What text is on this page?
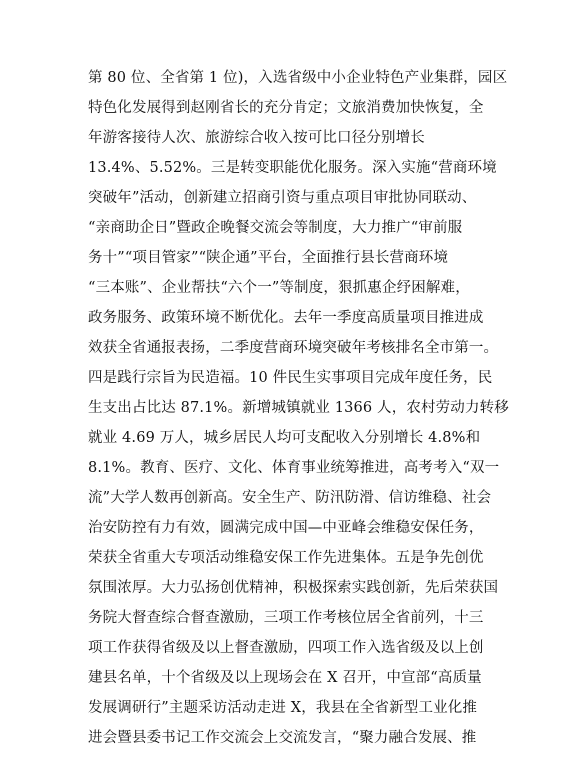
第 80 位、全省第 1 位)，入选省级中小企业特色产业集群，园区
特色化发展得到赵刚省长的充分肯定；文旅消费加快恢复，全
年游客接待人次、旅游综合收入按可比口径分别增长
13.4%、5.52%。三是转变职能优化服务。深入实施“营商环境
突破年”活动，创新建立招商引资与重点项目审批协同联动、
“亲商助企日”暨政企晚餐交流会等制度，大力推广“审前服
务十”“项目管家”“陕企通”平台，全面推行县长营商环境
“三本账”、企业帮扶“六个一”等制度，狠抓惠企纾困解难，
政务服务、政策环境不断优化。去年一季度高质量项目推进成
效获全省通报表扬，二季度营商环境突破年考核排名全市第一。
四是践行宗旨为民造福。10 件民生实事项目完成年度任务，民
生支出占比达 87.1%。新增城镇就业 1366 人，农村劳动力转移
就业 4.69 万人，城乡居民人均可支配收入分别增长 4.8%和
8.1%。教育、医疗、文化、体育事业统筹推进，高考考入“双一
流”大学人数再创新高。安全生产、防汛防滑、信访维稳、社会
治安防控有力有效，圆满完成中国—中亚峰会维稳安保任务，
荣获全省重大专项活动维稳安保工作先进集体。五是争先创优
氛围浓厚。大力弘扬创优精神，积极探索实践创新，先后荣获国
务院大督查综合督查激励，三项工作考核位居全省前列，十三
项工作获得省级及以上督查激励，四项工作入选省级及以上创
建县名单，十个省级及以上现场会在 X 召开，中宣部“高质量
发展调研行”主题采访活动走进 X，我县在全省新型工业化推
进会暨县委书记工作交流会上交流发言，“聚力融合发展、推
